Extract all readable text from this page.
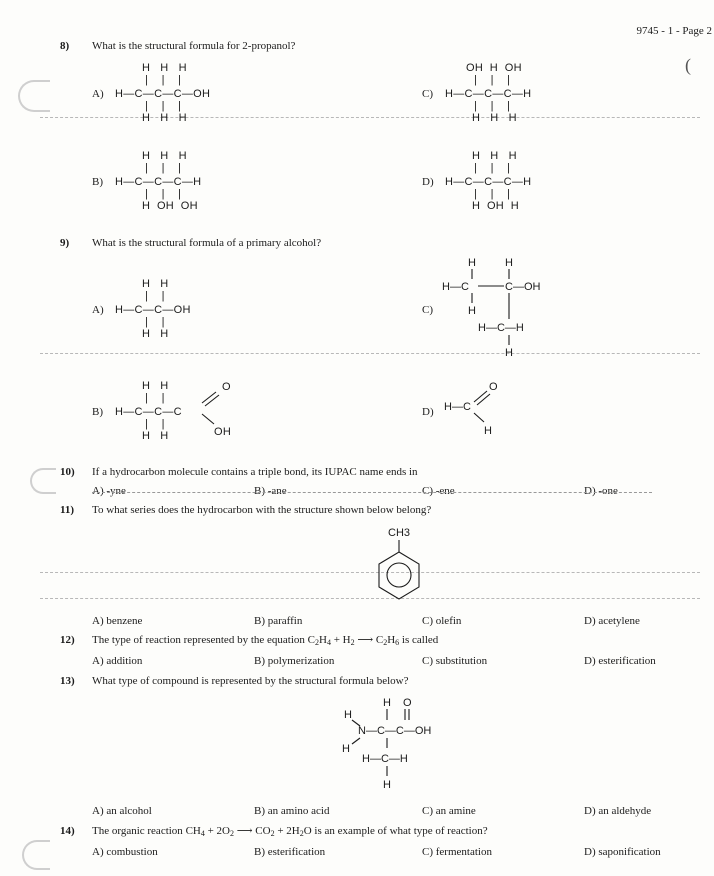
(
9745 - 1 - Page 2
8) What is the structural formula for 2-propanol?
A)
H   H   H
|    |    |
H—C—C—C—OH
|    |    |
H   H   H
C)
OH  H  OH
|    |    |
H—C—C—C—H
|    |    |
H   H   H
B)
H   H   H
|    |    |
H—C—C—C—H
|    |    |
H  OH  OH
D)
H   H   H
|    |    |
H—C—C—C—H
|    |    |
H  OH  H
9) What is the structural formula of a primary alcohol?
A)
H   H
|    |
H—C—C—OH
|    |
H   H
C)
H	H
H—C	C —OH
H
H—C—H
H
B)
H   H
|    |
H—C—C—C
|    |
H   H
O
OH
D) H—C
O
H
10) If a hydrocarbon molecule contains a triple bond, its IUPAC name ends in
A) -yne	B) -ane	C) -ene	D) -one
11) To what series does the hydrocarbon with the structure shown below belong?
CH3
A) benzene	B) paraffin	C) olefin	D) acetylene
12) The type of reaction represented by the equation $C_2H_4 + H_2$ ⟶ $C_2H_6$ is called
A) addition	B) polymerization	C) substitution	D) esterification
13) What type of compound is represented by the structural formula below?
H O
H
N—C—C—OH
H
H—C—H
H
A) an alcohol	B) an amino acid	C) an amine	D) an aldehyde
14) The organic reaction $CH_4 + 2O_2$ ⟶ $CO_2 + 2H_2O$ is an example of what type of reaction?
A) combustion	B) esterification	C) fermentation	D) saponification
